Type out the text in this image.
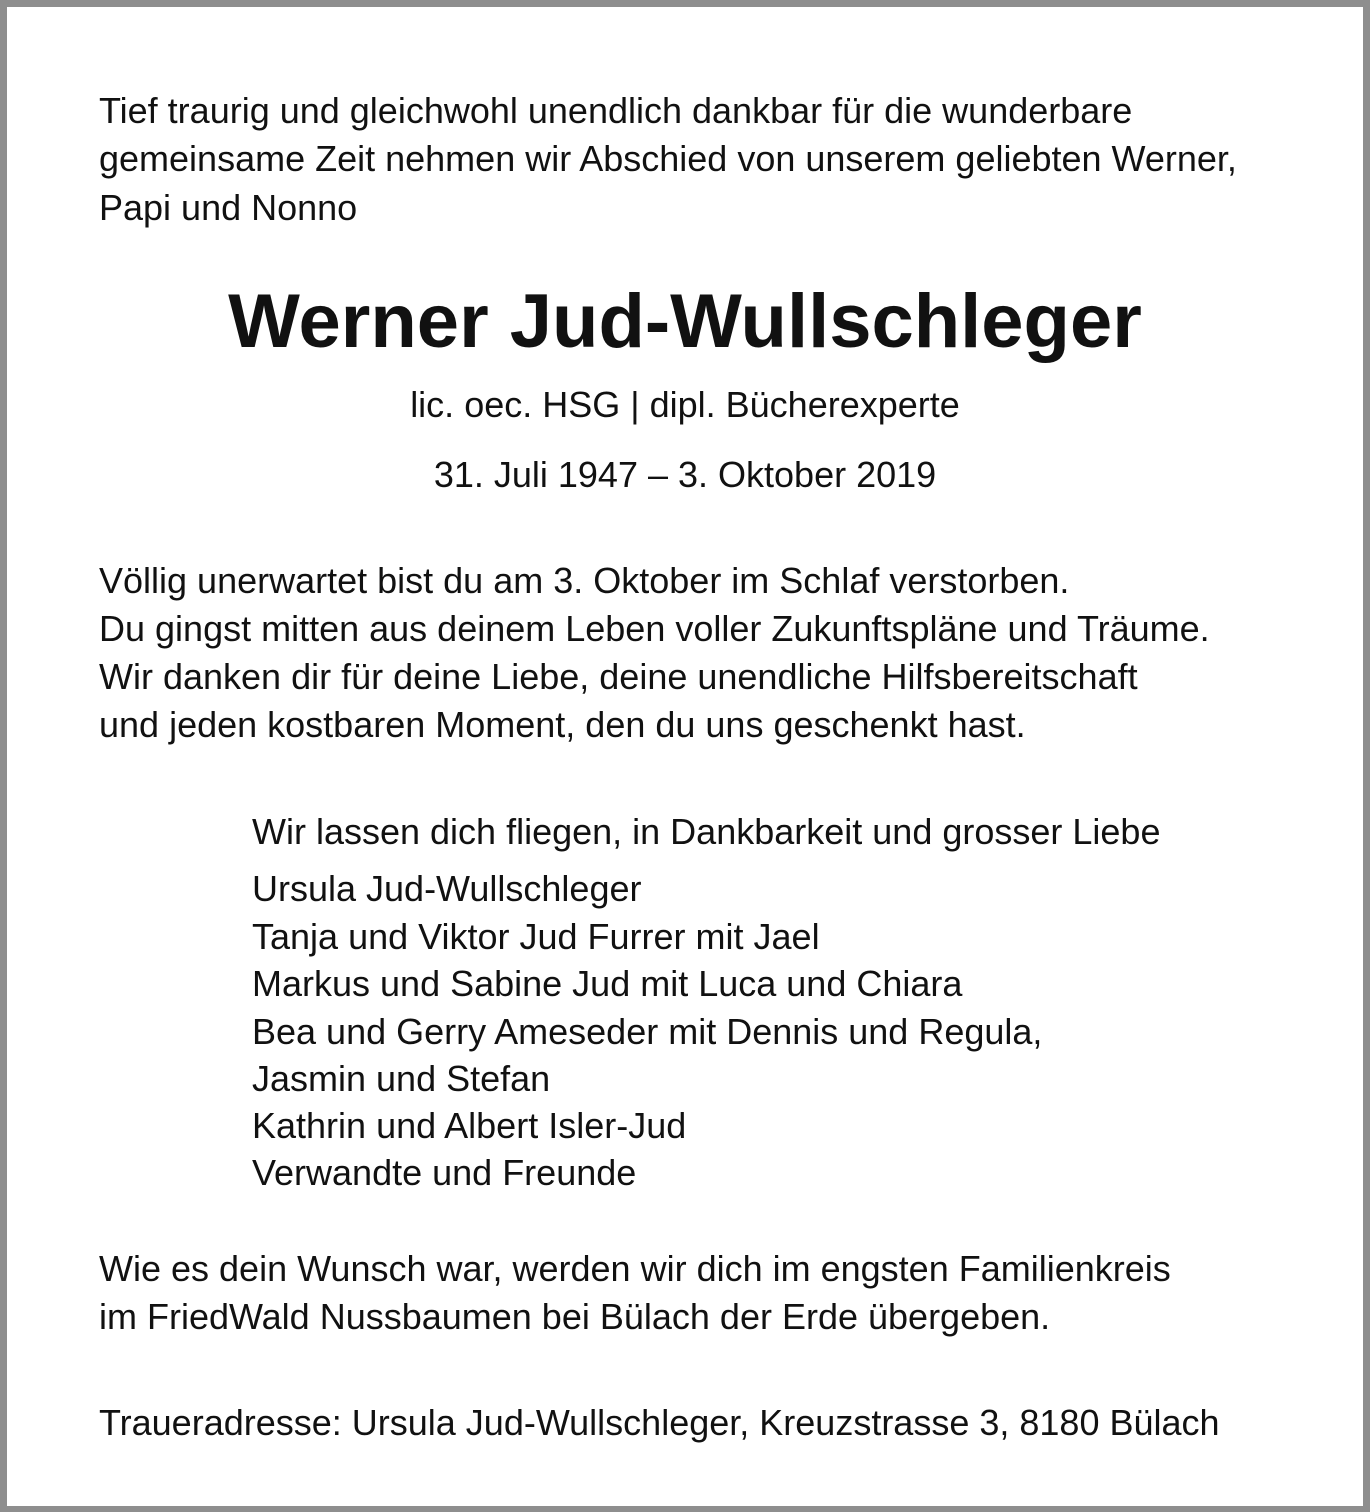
Tief traurig und gleichwohl unendlich dankbar für die wunderbare

gemeinsame Zeit nehmen wir Abschied von unserem geliebten Werner,

Papi und Nonno

Werner Jud-Wullschleger

lic. oec. HSG | dipl. Bücherexperte

31. Juli 1947 – 3. Oktober 2019

Völlig unerwartet bist du am 3. Oktober im Schlaf verstorben.

Du gingst mitten aus deinem Leben voller Zukunftspläne und Träume.

Wir danken dir für deine Liebe, deine unendliche Hilfsbereitschaft

und jeden kostbaren Moment, den du uns geschenkt hast.

Wir lassen dich fliegen, in Dankbarkeit und grosser Liebe

Ursula Jud-Wullschleger

Tanja und Viktor Jud Furrer mit Jael

Markus und Sabine Jud mit Luca und Chiara

Bea und Gerry Ameseder mit Dennis und Regula,

Jasmin und Stefan

Kathrin und Albert Isler-Jud

Verwandte und Freunde

Wie es dein Wunsch war, werden wir dich im engsten Familienkreis

im FriedWald Nussbaumen bei Bülach der Erde übergeben.

Traueradresse: Ursula Jud-Wullschleger, Kreuzstrasse 3, 8180 Bülach
